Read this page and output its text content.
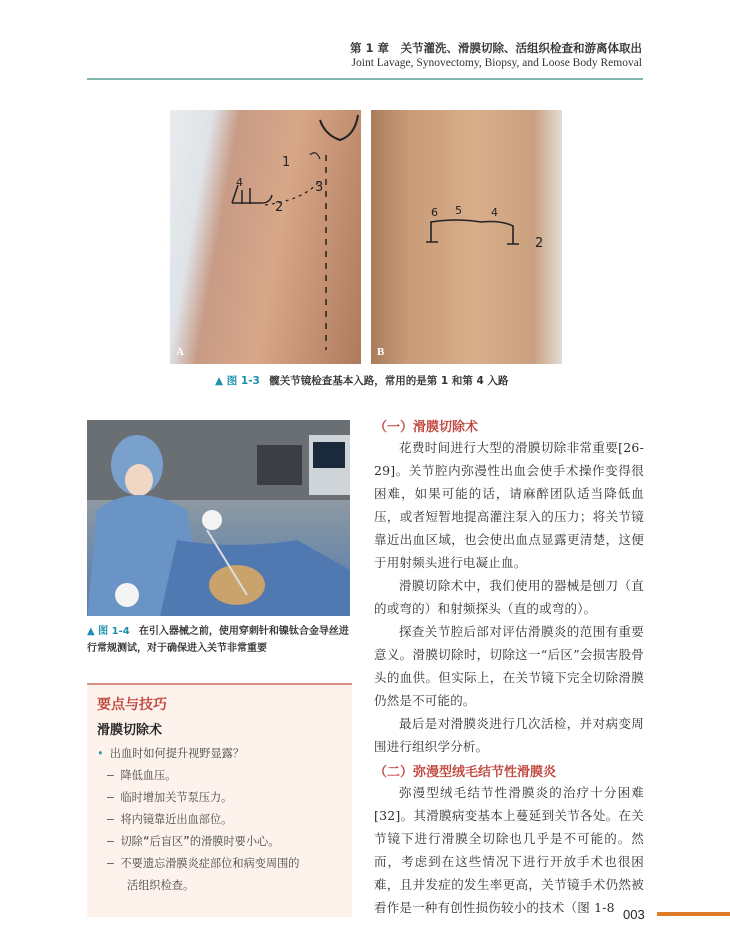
第 1 章　关节灌洗、滑膜切除、活组织检查和游离体取出
Joint Lavage, Synovectomy, Biopsy, and Loose Body Removal
1
2
3
4
A
6 5	4
2
B
▲ 图 1-3 髋关节镜检查基本入路，常用的是第 1 和第 4 入路
▲ 图 1-4 在引入器械之前，使用穿刺针和镍钛合金导丝进行常规测试，对于确保进入关节非常重要
要点与技巧
滑膜切除术
• 出血时如何提升视野显露？
– 降低血压。
– 临时增加关节泵压力。
– 将内镜靠近出血部位。
– 切除“后盲区”的滑膜时要小心。
– 不要遗忘滑膜炎症部位和病变周围的
活组织检查。
（一）滑膜切除术

花费时间进行大型的滑膜切除非常重要[26-29]。关节腔内弥漫性出血会使手术操作变得很困难，如果可能的话，请麻醉团队适当降低血压，或者短暂地提高灌注泵入的压力；将关节镜靠近出血区域，也会使出血点显露更清楚，这便于用射频头进行电凝止血。

滑膜切除术中，我们使用的器械是刨刀（直的或弯的）和射频探头（直的或弯的）。

探查关节腔后部对评估滑膜炎的范围有重要意义。滑膜切除时，切除这一“后区”会损害股骨头的血供。但实际上，在关节镜下完全切除滑膜仍然是不可能的。

最后是对滑膜炎进行几次活检，并对病变周围进行组织学分析。

（二）弥漫型绒毛结节性滑膜炎

弥漫型绒毛结节性滑膜炎的治疗十分困难[32]。其滑膜病变基本上蔓延到关节各处。在关节镜下进行滑膜全切除也几乎是不可能的。然而，考虑到在这些情况下进行开放手术也很困难，且并发症的发生率更高，关节镜手术仍然被看作是一种有创性损伤较小的技术（图 1-8 003
